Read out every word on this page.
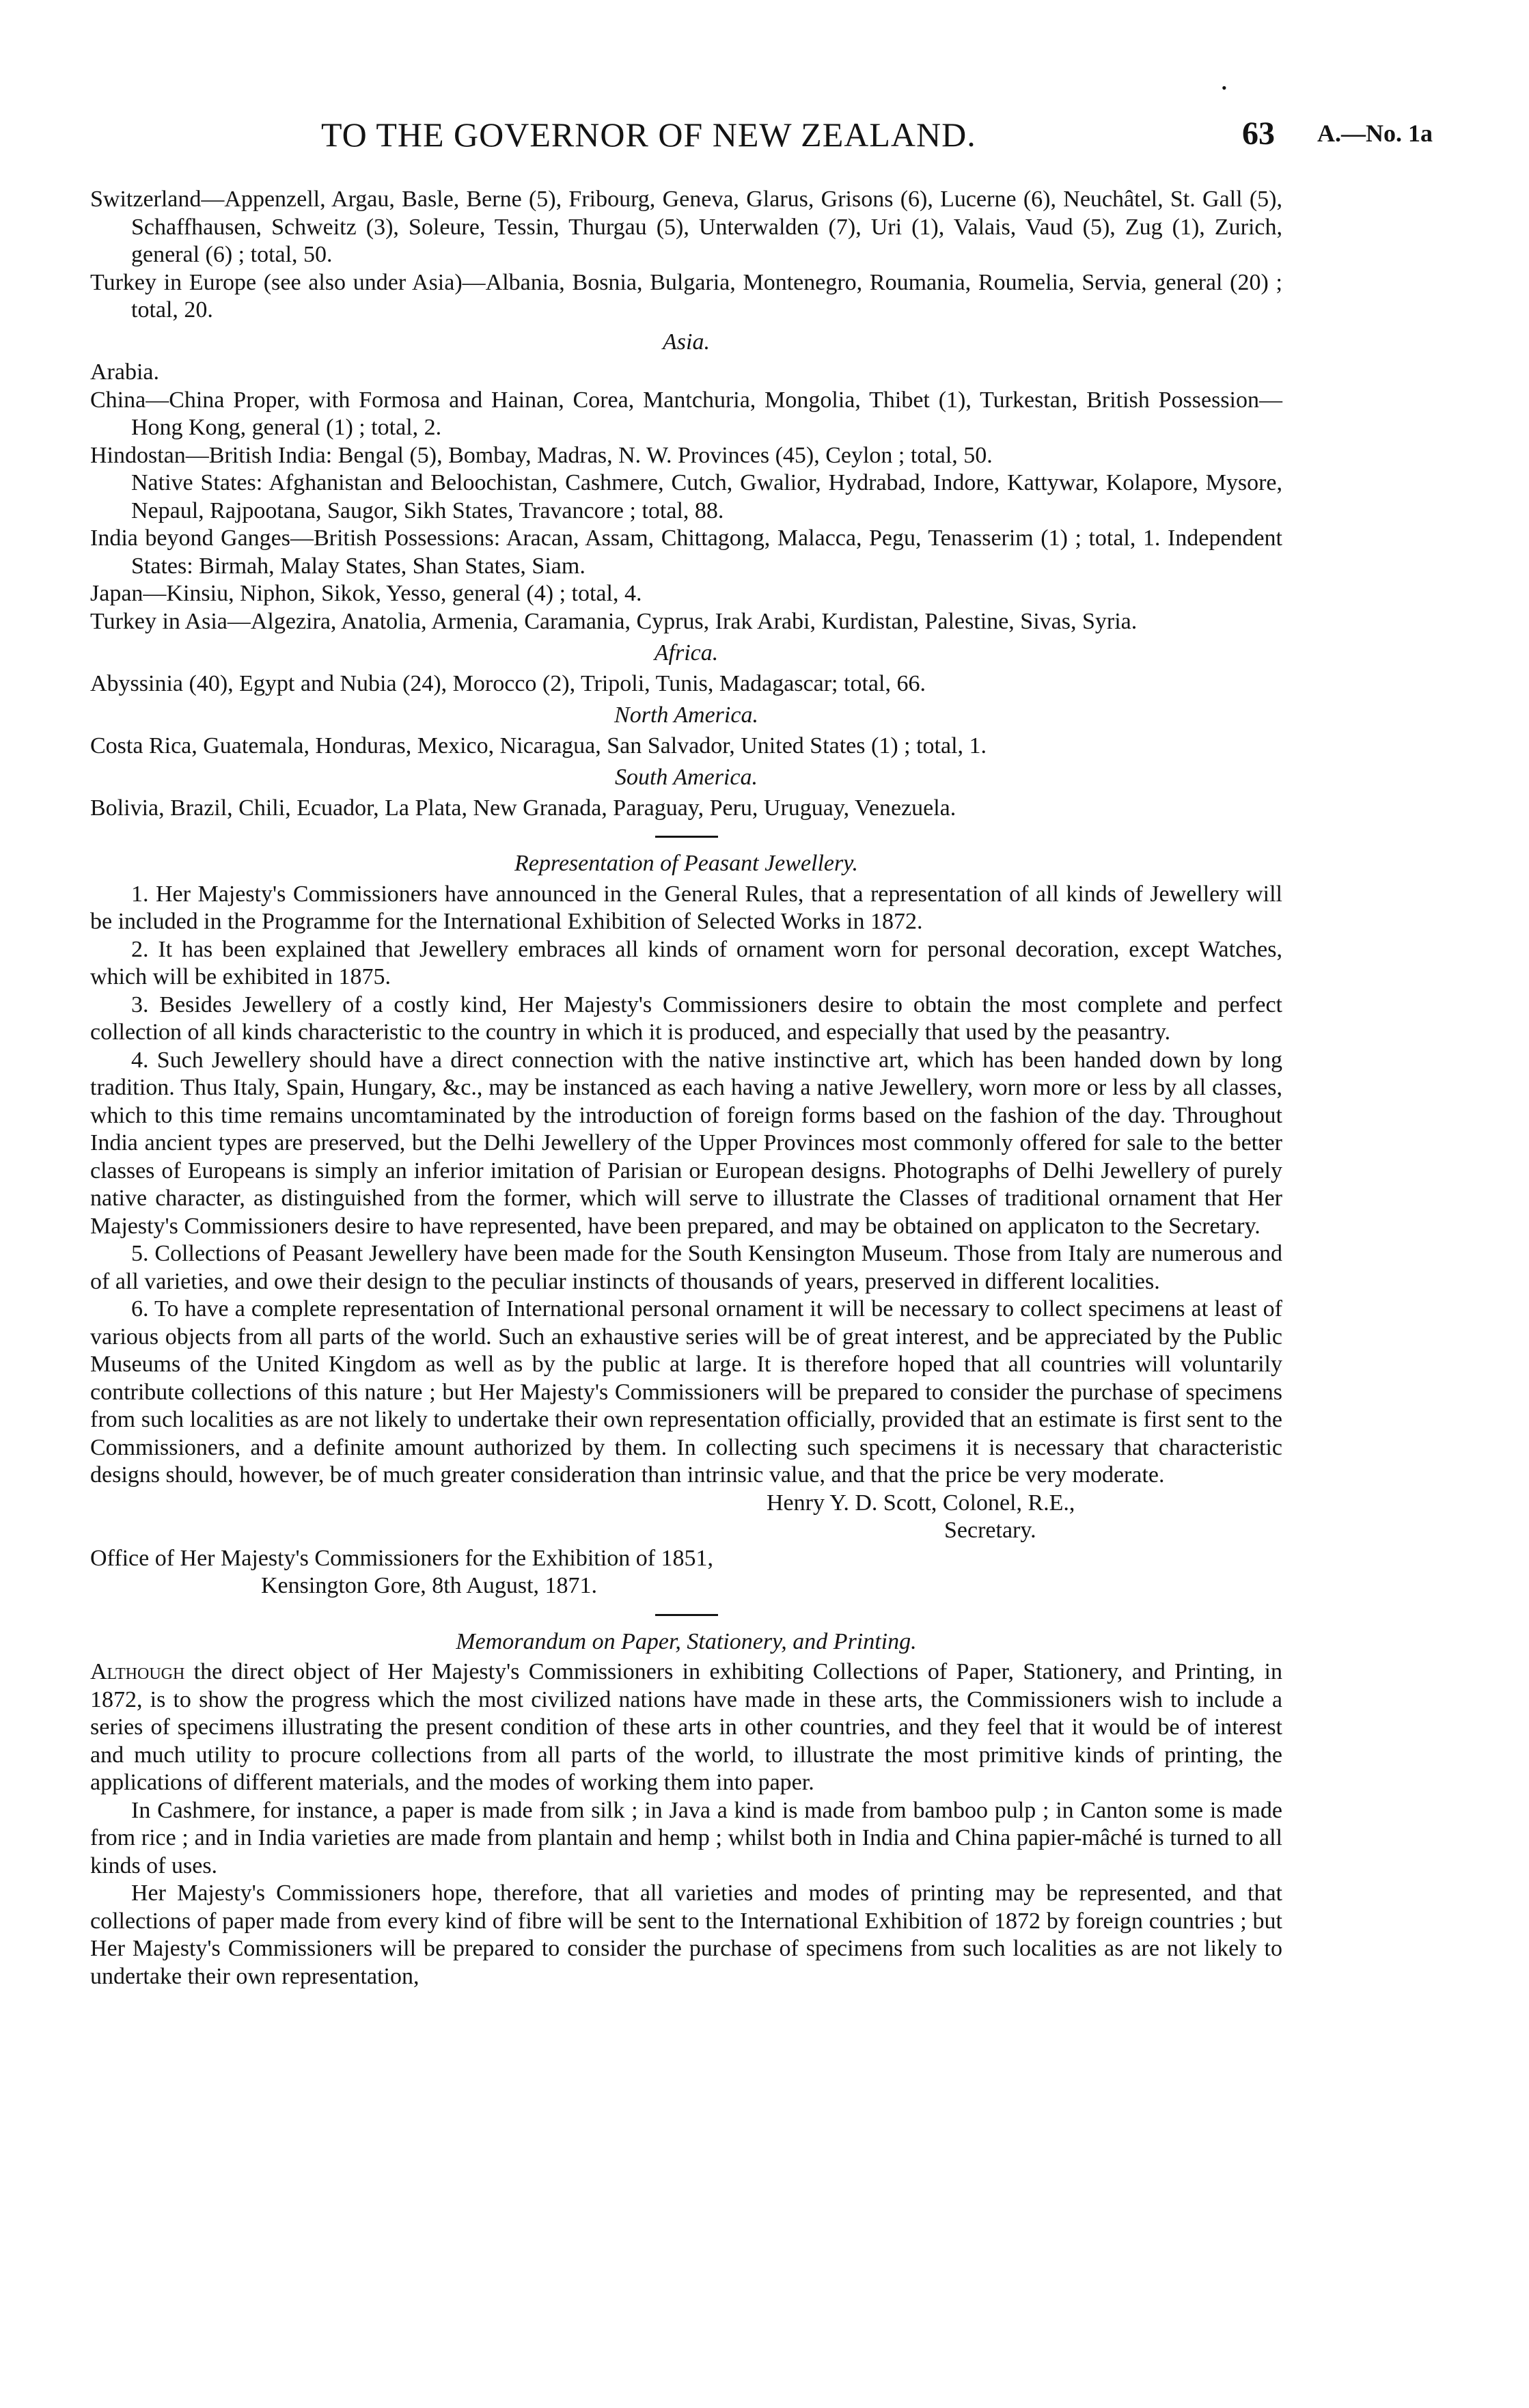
•
TO THE GOVERNOR OF NEW ZEALAND.	63 A.—No. 1a

Switzerland—Appenzell, Argau, Basle, Berne (5), Fribourg, Geneva, Glarus, Grisons (6), Lucerne (6), Neuchâtel, St. Gall (5), Schaffhausen, Schweitz (3), Soleure, Tessin, Thurgau (5), Unterwalden (7), Uri (1), Valais, Vaud (5), Zug (1), Zurich, general (6) ; total, 50.

Turkey in Europe (see also under Asia)—Albania, Bosnia, Bulgaria, Montenegro, Roumania, Roumelia, Servia, general (20) ; total, 20.

Asia.

Arabia.

China—China Proper, with Formosa and Hainan, Corea, Mantchuria, Mongolia, Thibet (1), Turkestan, British Possession—Hong Kong, general (1) ; total, 2.

Hindostan—British India: Bengal (5), Bombay, Madras, N. W. Provinces (45), Ceylon ; total, 50.

Native States: Afghanistan and Beloochistan, Cashmere, Cutch, Gwalior, Hydrabad, Indore, Kattywar, Kolapore, Mysore, Nepaul, Rajpootana, Saugor, Sikh States, Travancore ; total, 88.

India beyond Ganges—British Possessions: Aracan, Assam, Chittagong, Malacca, Pegu, Tenasserim (1) ; total, 1. Independent States: Birmah, Malay States, Shan States, Siam.

Japan—Kinsiu, Niphon, Sikok, Yesso, general (4) ; total, 4.

Turkey in Asia—Algezira, Anatolia, Armenia, Caramania, Cyprus, Irak Arabi, Kurdistan, Palestine, Sivas, Syria.

Africa.

Abyssinia (40), Egypt and Nubia (24), Morocco (2), Tripoli, Tunis, Madagascar; total, 66.

North America.

Costa Rica, Guatemala, Honduras, Mexico, Nicaragua, San Salvador, United States (1) ; total, 1.

South America.

Bolivia, Brazil, Chili, Ecuador, La Plata, New Granada, Paraguay, Peru, Uruguay, Venezuela.

Representation of Peasant Jewellery.

1. Her Majesty's Commissioners have announced in the General Rules, that a representation of all kinds of Jewellery will be included in the Programme for the International Exhibition of Selected Works in 1872.

2. It has been explained that Jewellery embraces all kinds of ornament worn for personal decoration, except Watches, which will be exhibited in 1875.

3. Besides Jewellery of a costly kind, Her Majesty's Commissioners desire to obtain the most complete and perfect collection of all kinds characteristic to the country in which it is produced, and especially that used by the peasantry.

4. Such Jewellery should have a direct connection with the native instinctive art, which has been handed down by long tradition. Thus Italy, Spain, Hungary, &c., may be instanced as each having a native Jewellery, worn more or less by all classes, which to this time remains uncomtaminated by the introduction of foreign forms based on the fashion of the day. Throughout India ancient types are preserved, but the Delhi Jewellery of the Upper Provinces most commonly offered for sale to the better classes of Europeans is simply an inferior imitation of Parisian or European designs. Photographs of Delhi Jewellery of purely native character, as distinguished from the former, which will serve to illustrate the Classes of traditional ornament that Her Majesty's Commissioners desire to have represented, have been prepared, and may be obtained on applicaton to the Secretary.

5. Collections of Peasant Jewellery have been made for the South Kensington Museum. Those from Italy are numerous and of all varieties, and owe their design to the peculiar instincts of thousands of years, preserved in different localities.

6. To have a complete representation of International personal ornament it will be necessary to collect specimens at least of various objects from all parts of the world. Such an exhaustive series will be of great interest, and be appreciated by the Public Museums of the United Kingdom as well as by the public at large. It is therefore hoped that all countries will voluntarily contribute collections of this nature ; but Her Majesty's Commissioners will be prepared to consider the purchase of specimens from such localities as are not likely to undertake their own representation officially, provided that an estimate is first sent to the Commissioners, and a definite amount authorized by them. In collecting such specimens it is necessary that characteristic designs should, however, be of much greater consideration than intrinsic value, and that the price be very moderate.

Henry Y. D. Scott, Colonel, R.E.,

Secretary.

Office of Her Majesty's Commissioners for the Exhibition of 1851,

Kensington Gore, 8th August, 1871.

Memorandum on Paper, Stationery, and Printing.

Although the direct object of Her Majesty's Commissioners in exhibiting Collections of Paper, Stationery, and Printing, in 1872, is to show the progress which the most civilized nations have made in these arts, the Commissioners wish to include a series of specimens illustrating the present condition of these arts in other countries, and they feel that it would be of interest and much utility to procure collections from all parts of the world, to illustrate the most primitive kinds of printing, the applications of different materials, and the modes of working them into paper.

In Cashmere, for instance, a paper is made from silk ; in Java a kind is made from bamboo pulp ; in Canton some is made from rice ; and in India varieties are made from plantain and hemp ; whilst both in India and China papier-mâché is turned to all kinds of uses.

Her Majesty's Commissioners hope, therefore, that all varieties and modes of printing may be represented, and that collections of paper made from every kind of fibre will be sent to the International Exhibition of 1872 by foreign countries ; but Her Majesty's Commissioners will be prepared to consider the purchase of specimens from such localities as are not likely to undertake their own representation,
